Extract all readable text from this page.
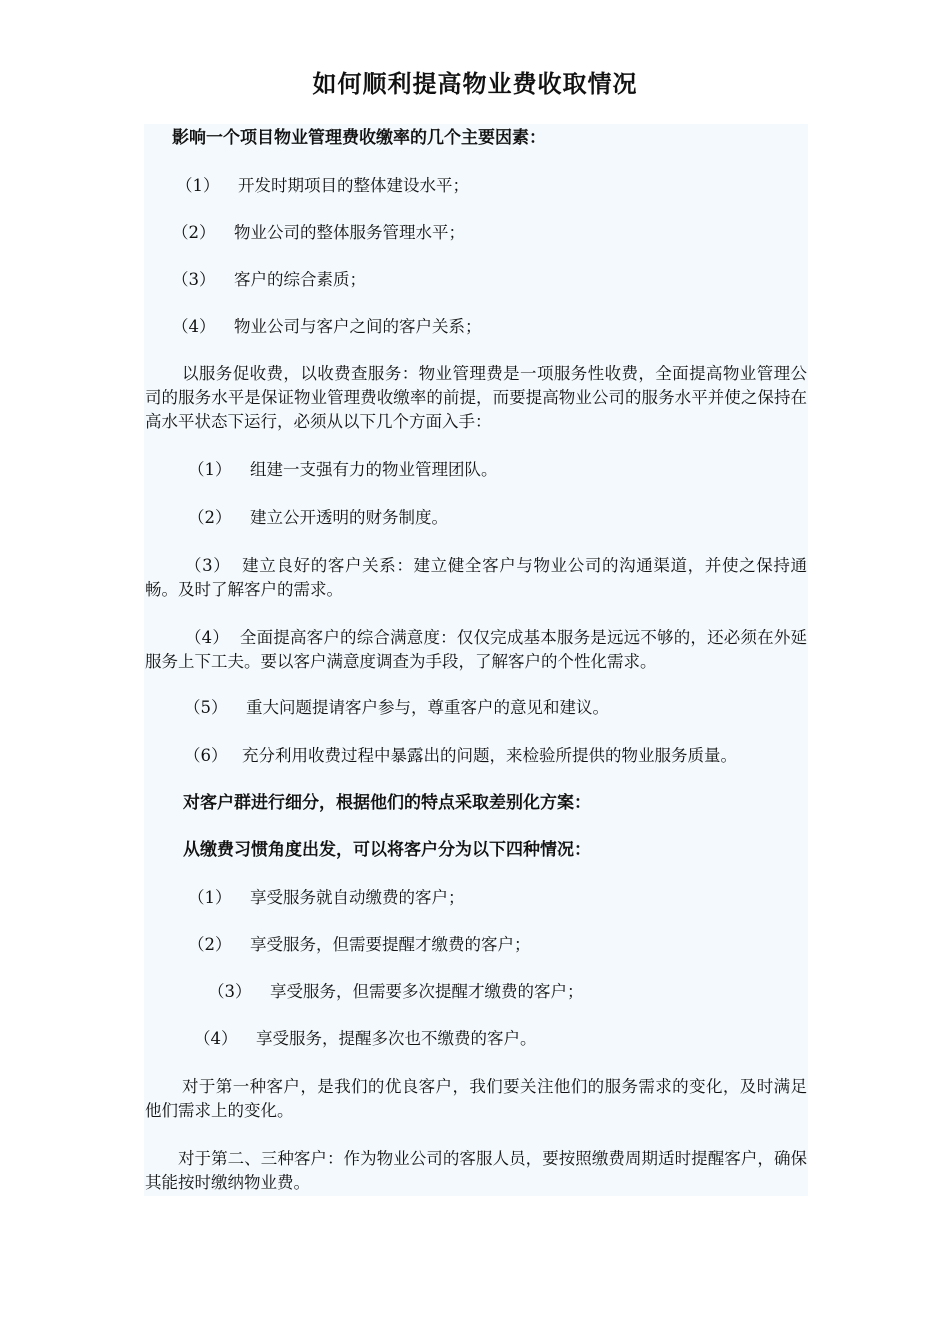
如何顺利提高物业费收取情况
影响一个项目物业管理费收缴率的几个主要因素：
（1） 开发时期项目的整体建设水平；
（2） 物业公司的整体服务管理水平；
（3） 客户的综合素质；
（4） 物业公司与客户之间的客户关系；
以服务促收费，以收费查服务：物业管理费是一项服务性收费，全面提高物业管理公司的服务水平是保证物业管理费收缴率的前提，而要提高物业公司的服务水平并使之保持在高水平状态下运行，必须从以下几个方面入手：
（1） 组建一支强有力的物业管理团队。
（2） 建立公开透明的财务制度。
（3） 建立良好的客户关系：建立健全客户与物业公司的沟通渠道，并使之保持通畅。及时了解客户的需求。
（4） 全面提高客户的综合满意度：仅仅完成基本服务是远远不够的，还必须在外延服务上下工夫。要以客户满意度调查为手段，了解客户的个性化需求。
（5） 重大问题提请客户参与，尊重客户的意见和建议。
（6） 充分利用收费过程中暴露出的问题，来检验所提供的物业服务质量。
对客户群进行细分，根据他们的特点采取差别化方案：
从缴费习惯角度出发，可以将客户分为以下四种情况：
（1） 享受服务就自动缴费的客户；
（2） 享受服务，但需要提醒才缴费的客户；
（3） 享受服务，但需要多次提醒才缴费的客户；
（4） 享受服务，提醒多次也不缴费的客户。
对于第一种客户，是我们的优良客户，我们要关注他们的服务需求的变化，及时满足他们需求上的变化。
对于第二、三种客户：作为物业公司的客服人员，要按照缴费周期适时提醒客户，确保其能按时缴纳物业费。
